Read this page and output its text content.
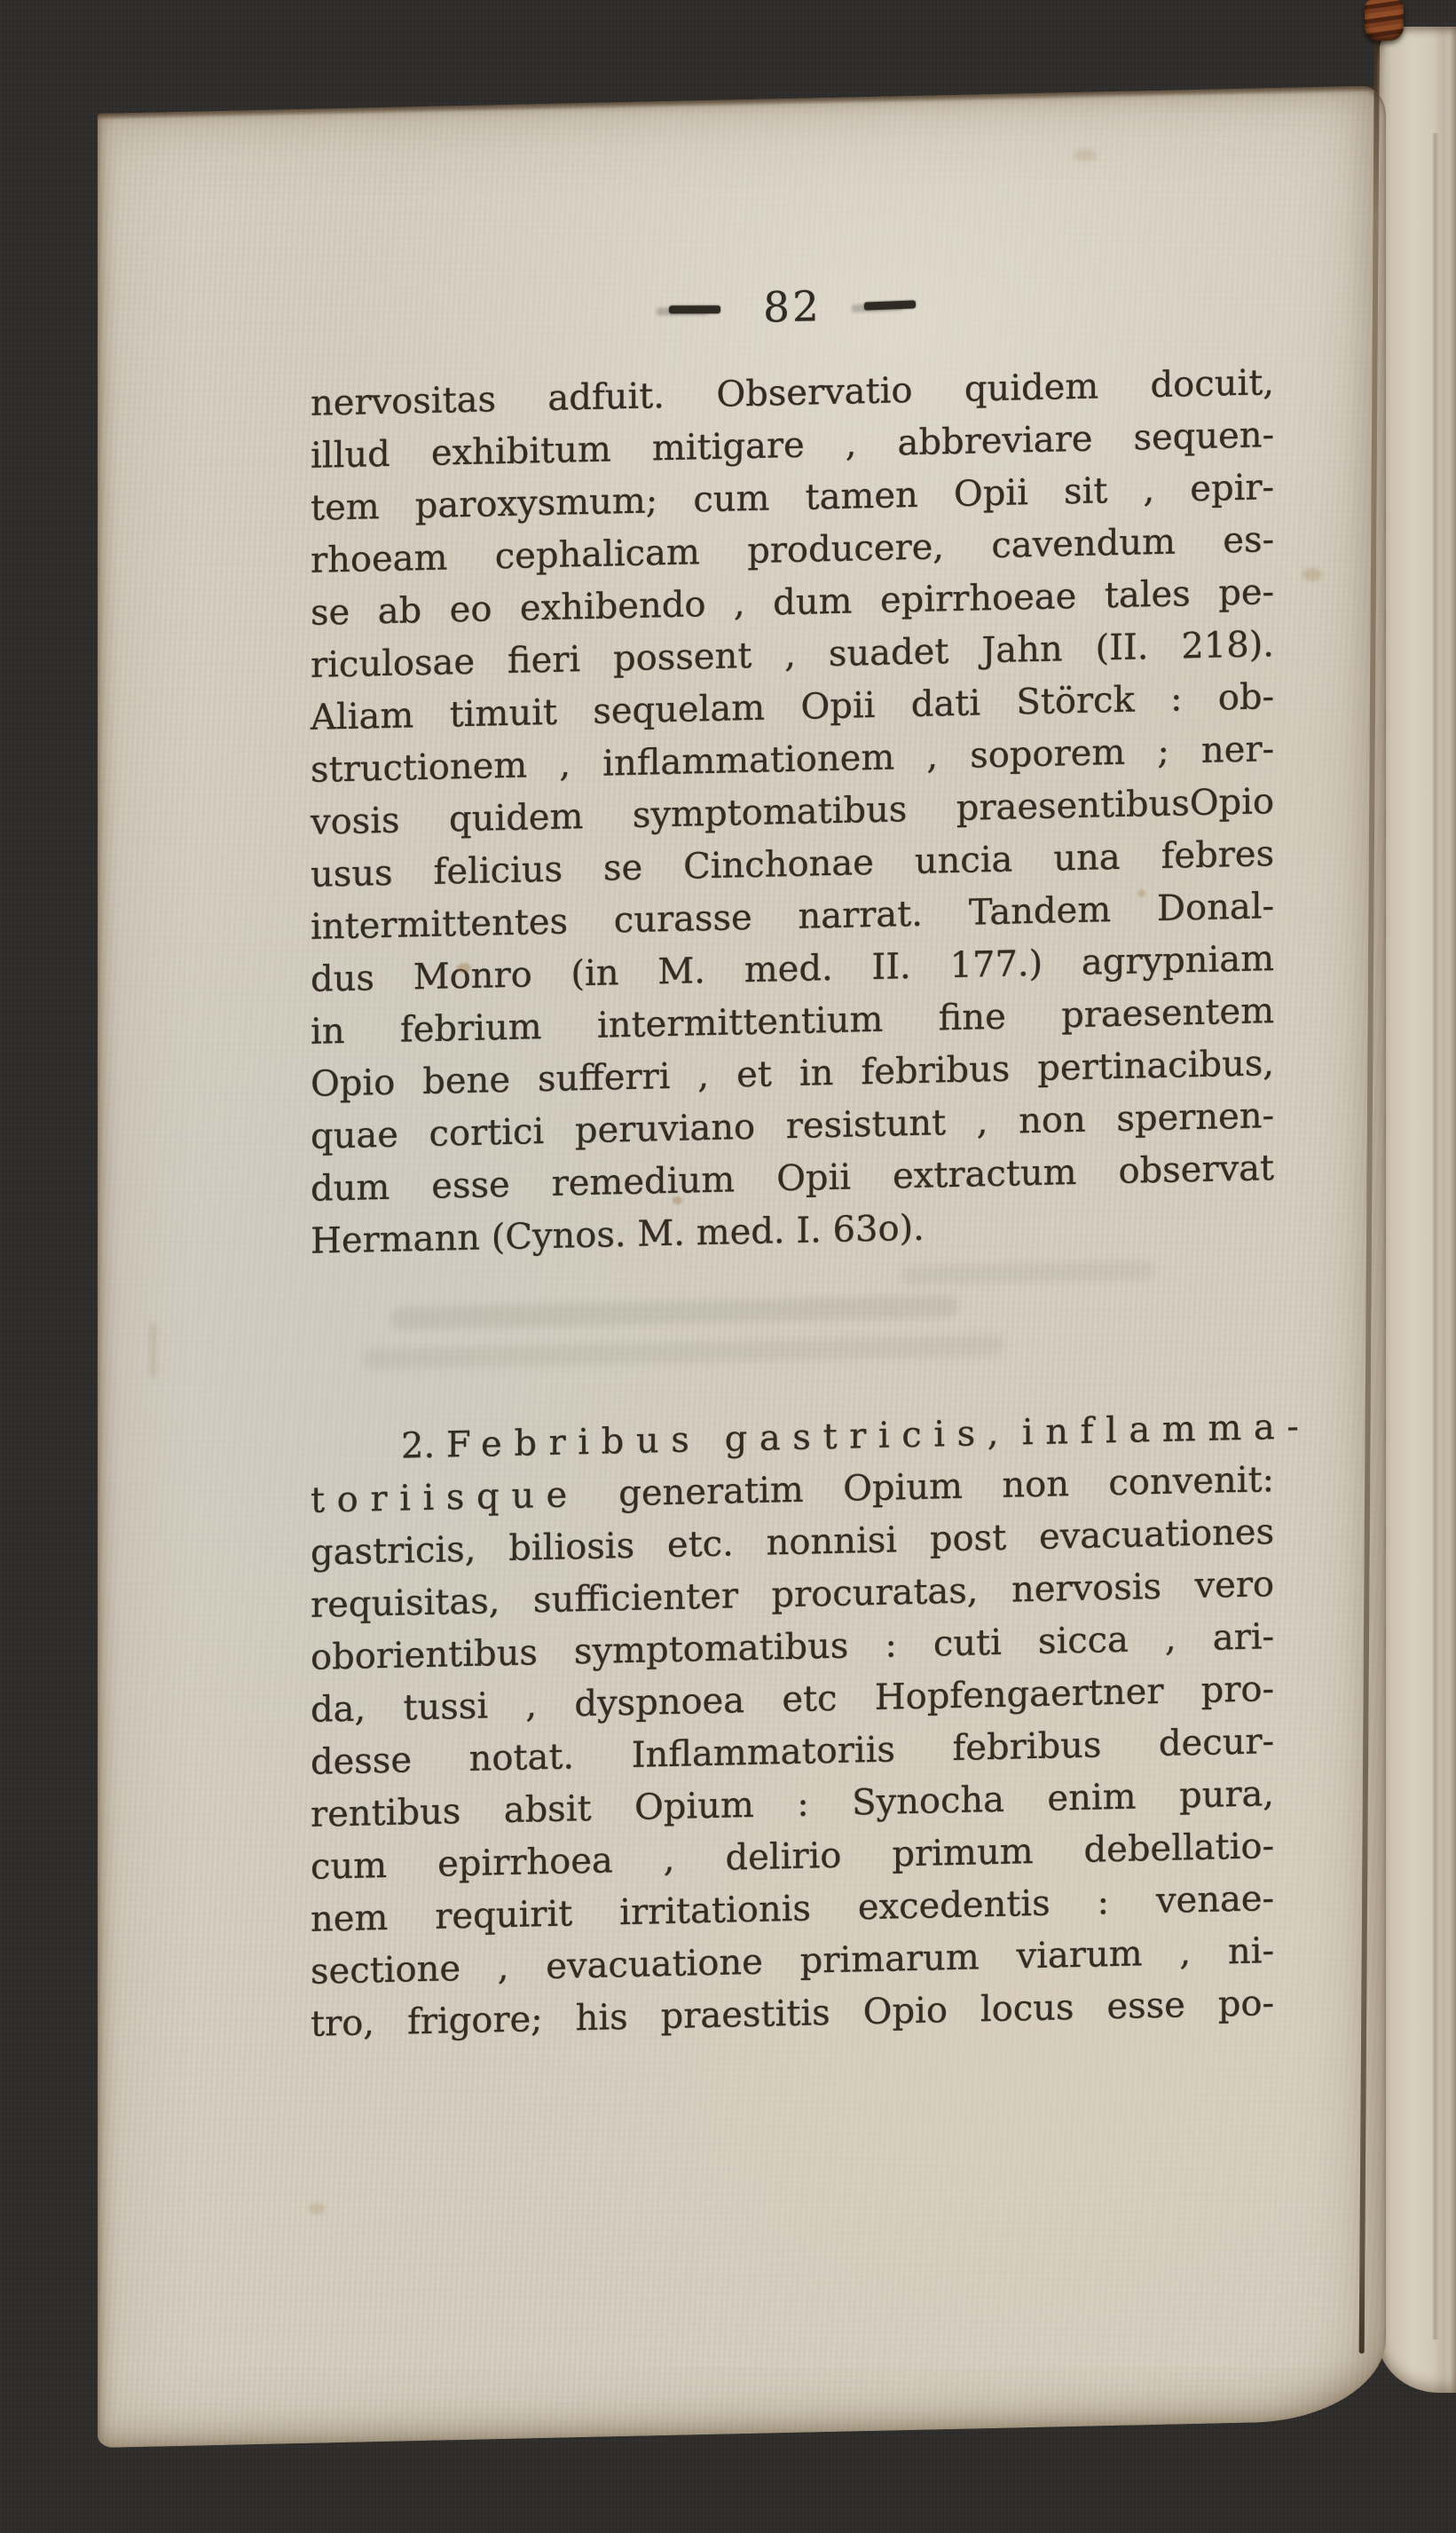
82
nervositas adfuit. Observatio quidem docuit,
illud exhibitum mitigare , abbreviare sequen-
tem paroxysmum; cum tamen Opii sit , epir-
rhoeam cephalicam producere, cavendum es-
se ab eo exhibendo , dum epirrhoeae tales pe-
riculosae fieri possent , suadet Jahn (II. 218).
Aliam timuit sequelam Opii dati Störck : ob-
structionem , inflammationem , soporem ; ner-
vosis quidem symptomatibus praesentibusOpio
usus felicius se Cinchonae uncia una febres
intermittentes curasse narrat. Tandem Donal-
dus Monro (in M. med. II. 177.) agrypniam
in febrium intermittentium fine praesentem
Opio bene sufferri , et in febribus pertinacibus,
quae cortici peruviano resistunt , non spernen-
dum esse remedium Opii extractum observat
Hermann (Cynos. M. med. I. 63o).
2. Febribus gastricis, inflamma-
toriisque generatim Opium non convenit:
gastricis, biliosis etc. nonnisi post evacuationes
requisitas, sufficienter procuratas, nervosis vero
oborientibus symptomatibus : cuti sicca , ari-
da, tussi , dyspnoea etc Hopfengaertner pro-
desse notat. Inflammatoriis febribus decur-
rentibus absit Opium : Synocha enim pura,
cum epirrhoea , delirio primum debellatio-
nem requirit irritationis excedentis : venae-
sectione , evacuatione primarum viarum , ni-
tro, frigore; his praestitis Opio locus esse po-
